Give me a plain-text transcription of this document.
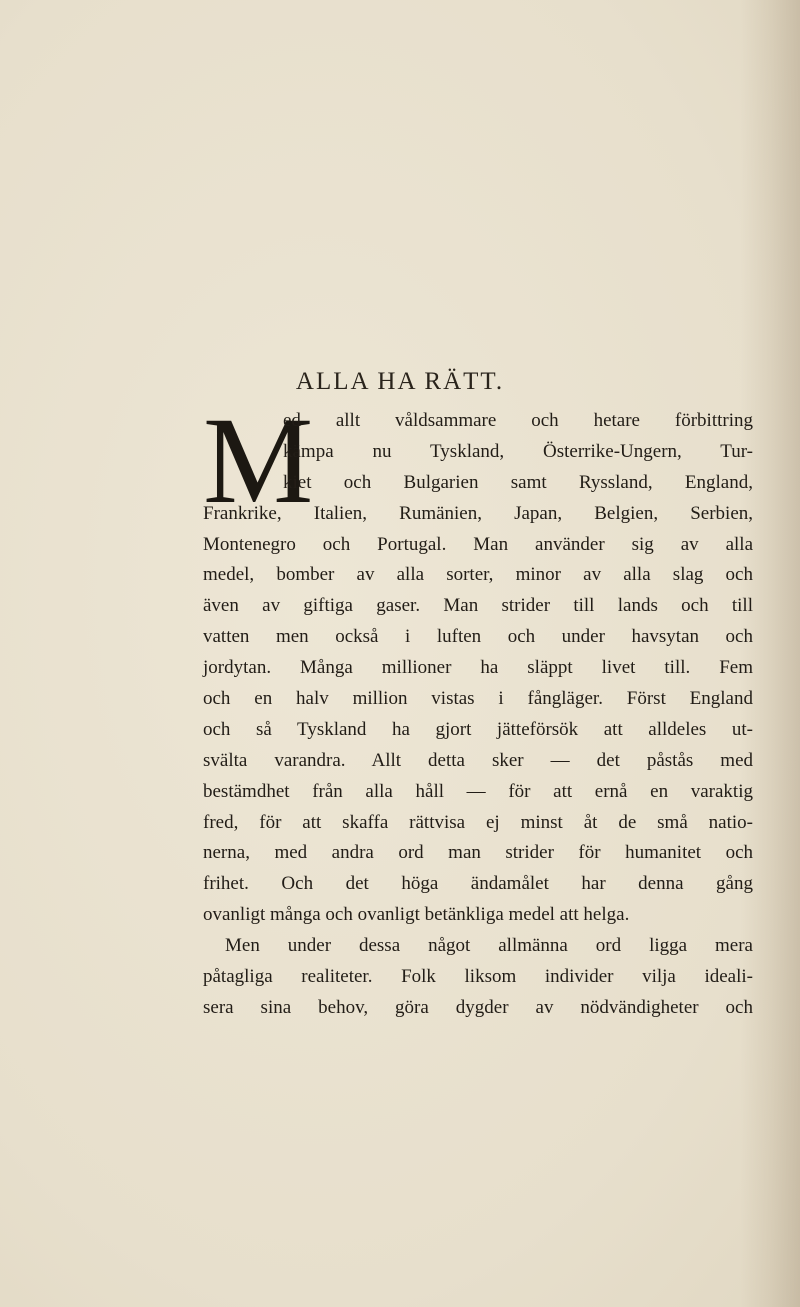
ALLA HA RÄTT.
M
ed allt våldsammare och hetare förbittring
kämpa nu Tyskland, Österrike-Ungern, Tur-
kiet och Bulgarien samt Ryssland, England,
Frankrike, Italien, Rumänien, Japan, Belgien, Serbien,
Montenegro och Portugal. Man använder sig av alla
medel, bomber av alla sorter, minor av alla slag och
även av giftiga gaser. Man strider till lands och till
vatten men också i luften och under havsytan och
jordytan. Många millioner ha släppt livet till. Fem
och en halv million vistas i fångläger. Först England
och så Tyskland ha gjort jätteförsök att alldeles ut-
svälta varandra. Allt detta sker — det påstås med
bestämdhet från alla håll — för att ernå en varaktig
fred, för att skaffa rättvisa ej minst åt de små natio-
nerna, med andra ord man strider för humanitet och
frihet. Och det höga ändamålet har denna gång
ovanligt många och ovanligt betänkliga medel att helga.
Men under dessa något allmänna ord ligga mera
påtagliga realiteter. Folk liksom individer vilja ideali-
sera sina behov, göra dygder av nödvändigheter och
